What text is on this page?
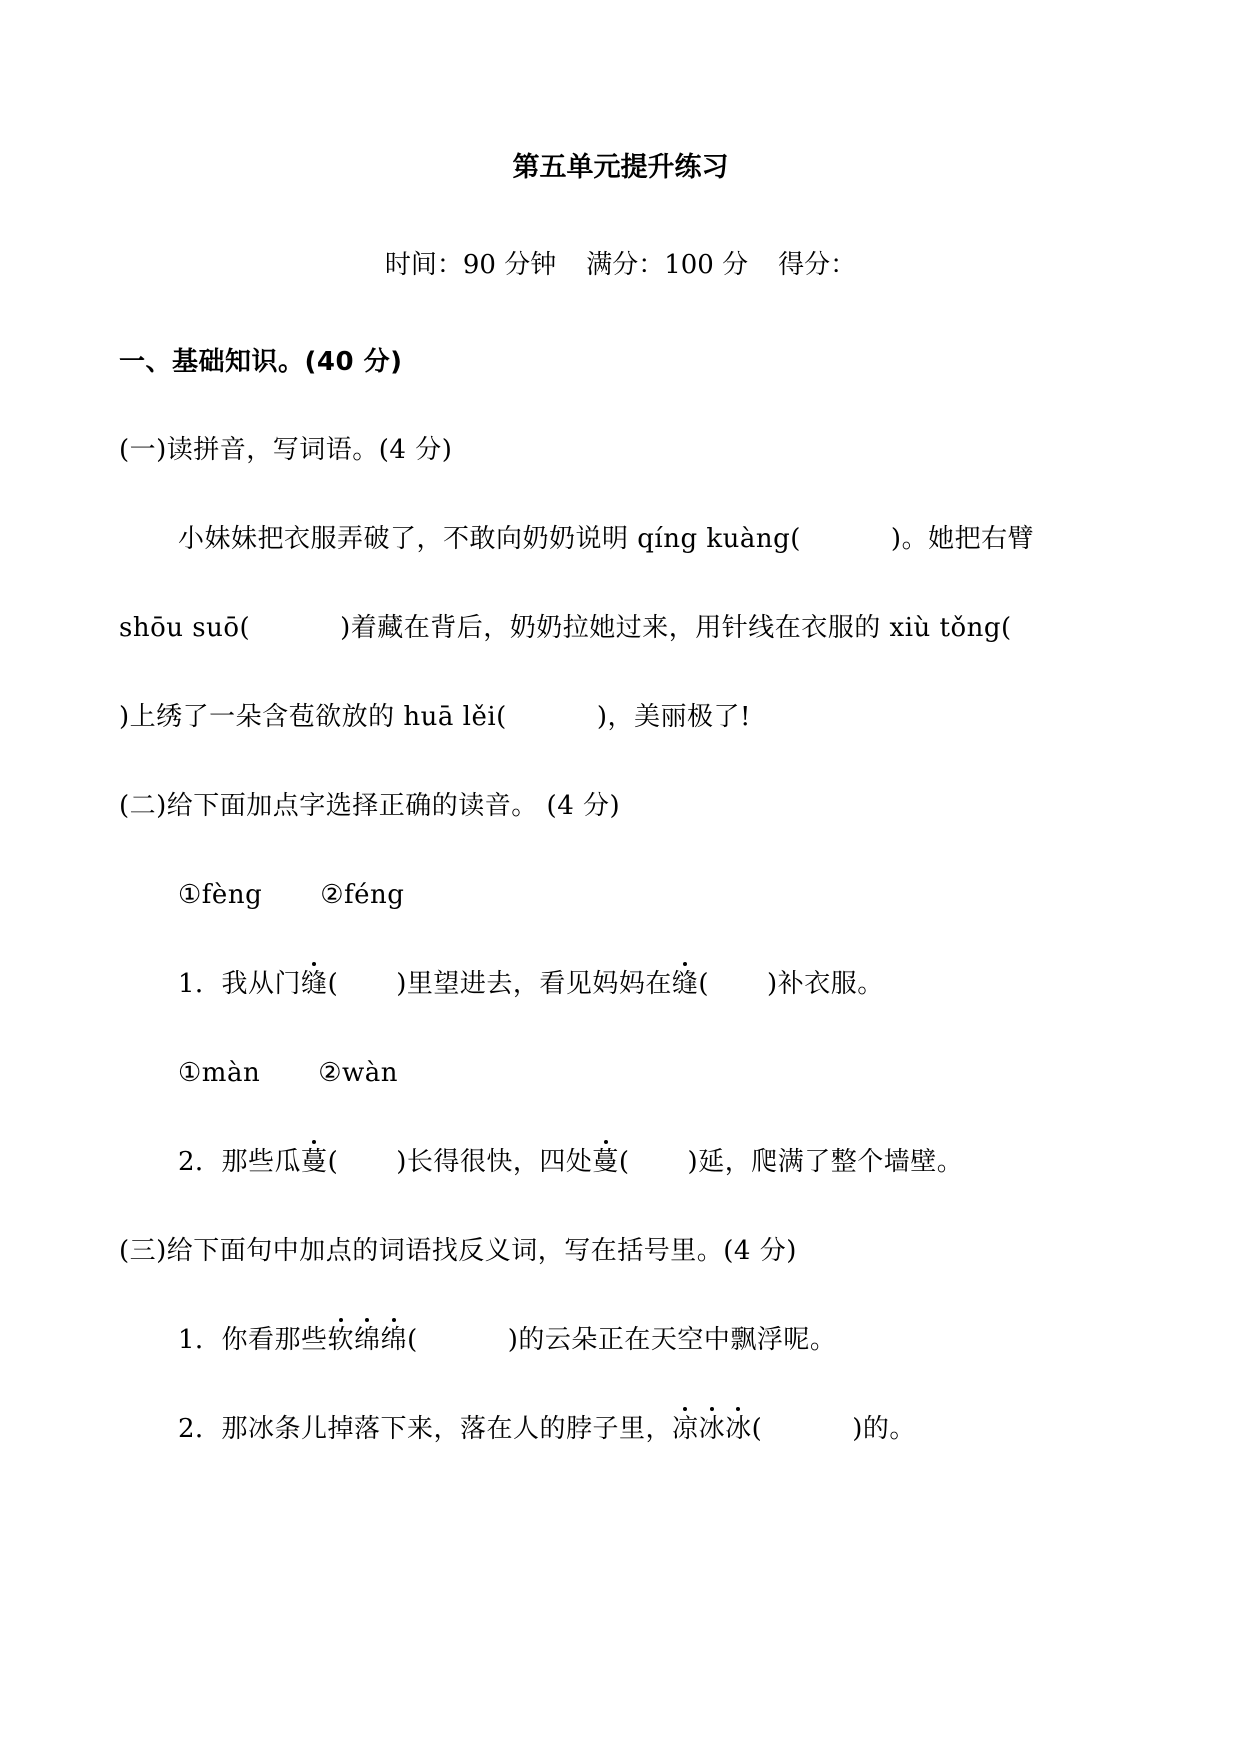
第五单元提升练习
时间：90 分钟 满分：100 分 得分：
一、基础知识。(40 分)
(一)读拼音，写词语。(4 分)
小妹妹把衣服弄破了，不敢向奶奶说明 qíng kuàng(	)。她把右臂
shōu suō(	)着藏在背后，奶奶拉她过来，用针线在衣服的 xiù tǒng(
)上绣了一朵含苞欲放的 huā lěi(	)，美丽极了!
(二)给下面加点字选择正确的读音。 (4 分)
①fèng ②féng
1．我从门缝( )里望进去，看见妈妈在缝( )补衣服。
①màn ②wàn
2．那些瓜蔓( )长得很快，四处蔓( )延，爬满了整个墙壁。
(三)给下面句中加点的词语找反义词，写在括号里。(4 分)
1．你看那些软绵绵(	)的云朵正在天空中飘浮呢。
2．那冰条儿掉落下来，落在人的脖子里，凉冰冰(	)的。
